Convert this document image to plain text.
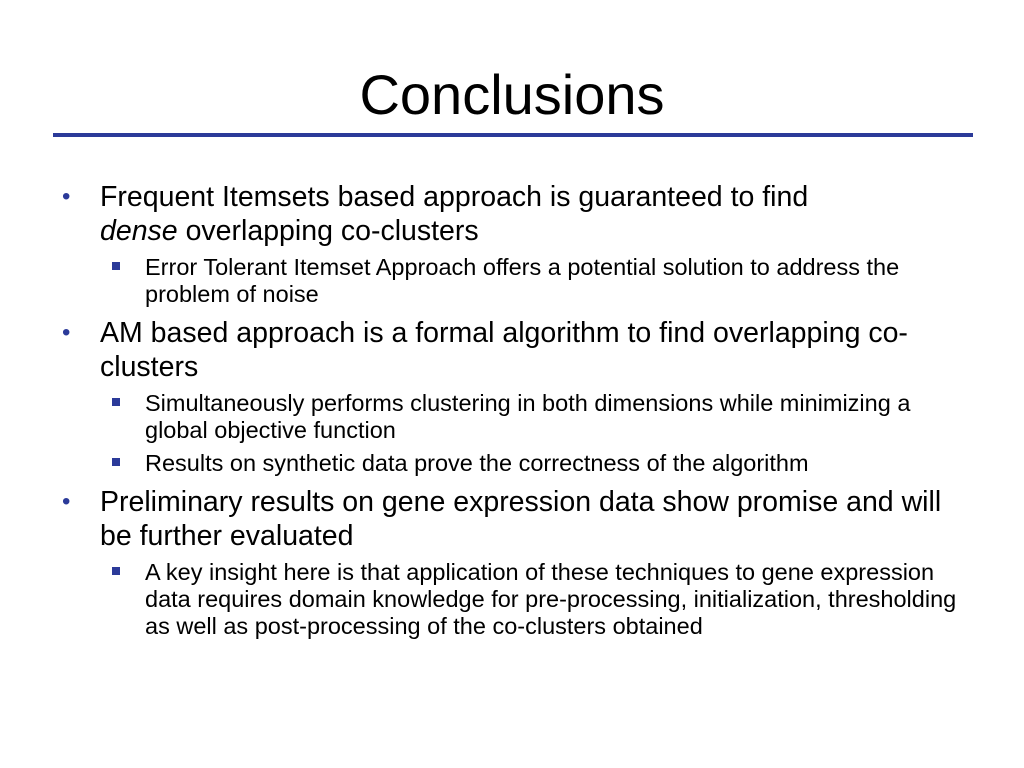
Conclusions
•	Frequent Itemsets based approach is guaranteed to find
dense overlapping co-clusters
Error Tolerant Itemset Approach offers a potential solution to address the problem of noise
•	AM based approach is a formal algorithm to find overlapping co-clusters
Simultaneously performs clustering in both dimensions while minimizing a global objective function
Results on synthetic data prove the correctness of the algorithm
•	Preliminary results on gene expression data show promise and will be further evaluated
A key insight here is that application of these techniques to gene expression data requires domain knowledge for pre-processing, initialization, thresholding as well as post-processing of the co-clusters obtained
